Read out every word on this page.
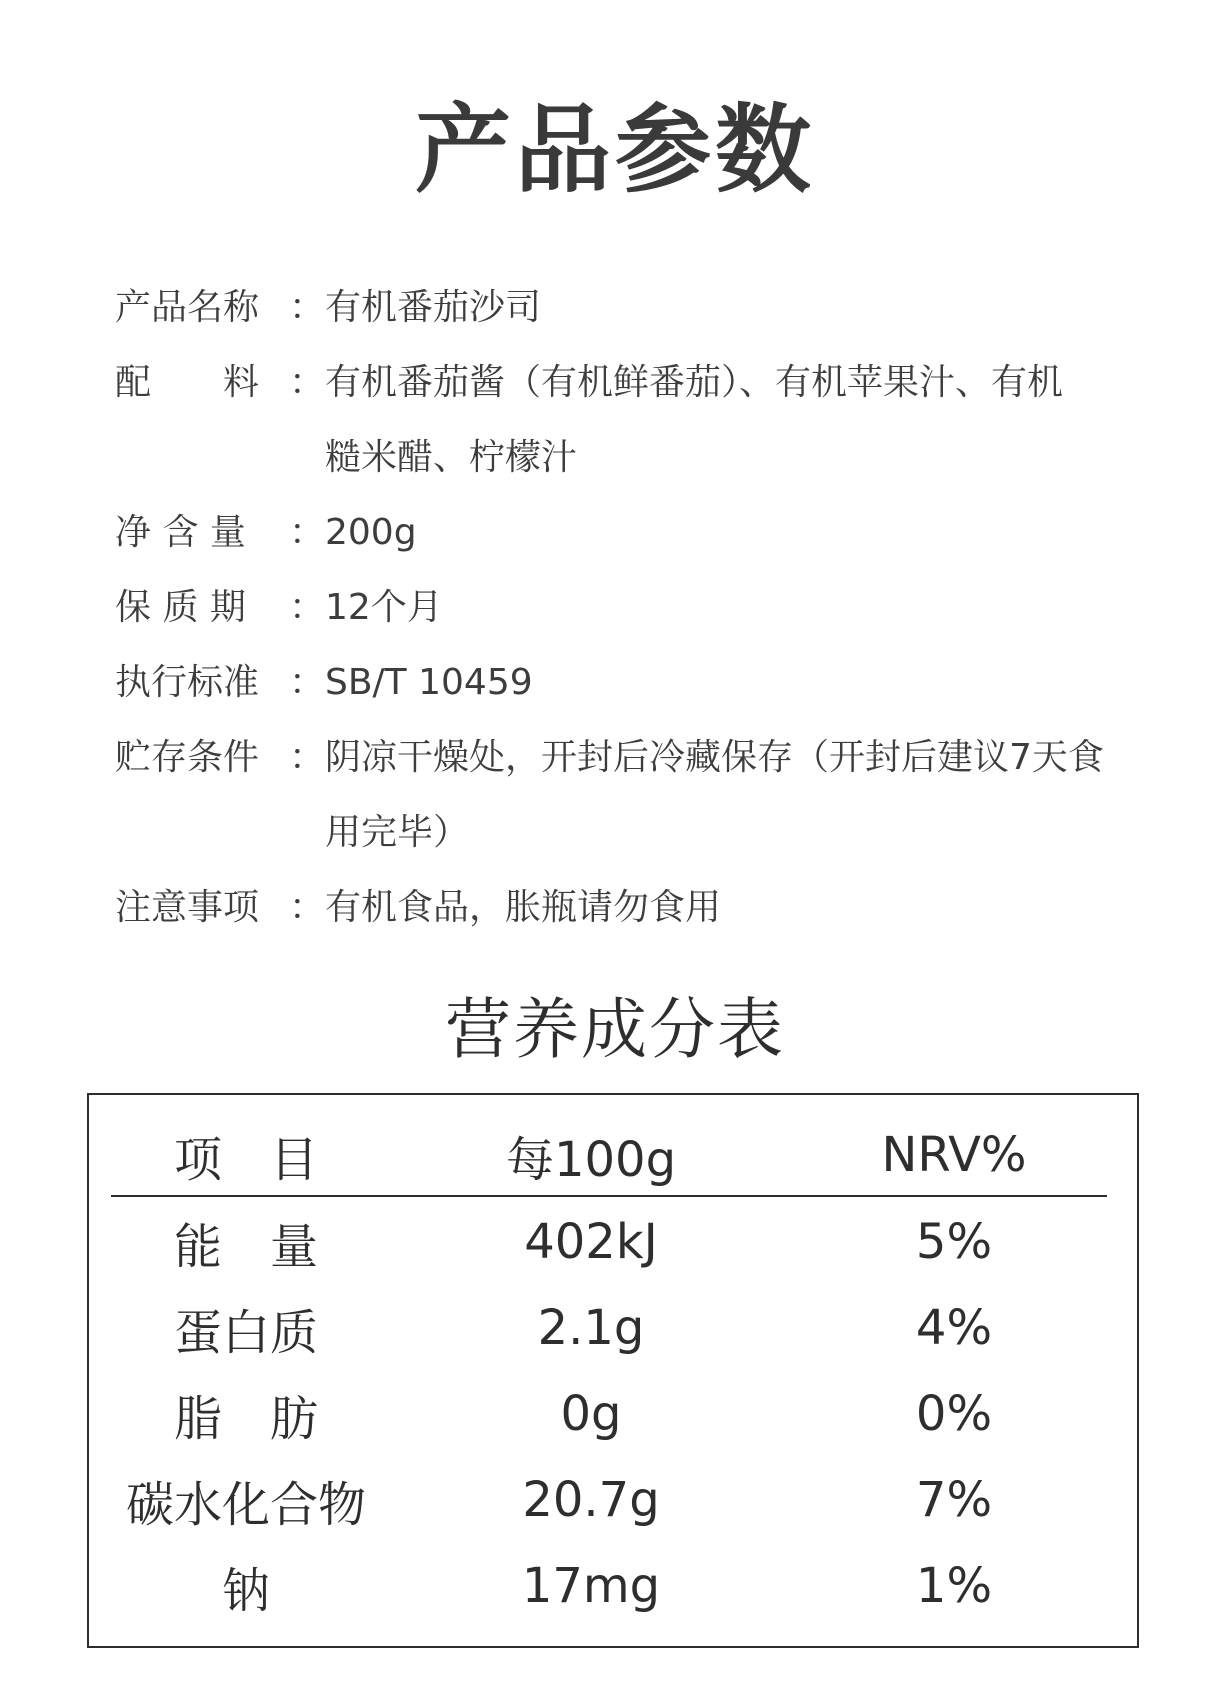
产品参数
产品名称 ： 有机番茄沙司
配　　料 ： 有机番茄酱（有机鲜番茄）、有机苹果汁、有机
糙米醋、柠檬汁
净 含 量 ： 200g
保 质 期 ： 12个月
执行标准 ： SB/T 10459
贮存条件 ： 阴凉干燥处，开封后冷藏保存（开封后建议7天食
用完毕）
注意事项 ： 有机食品，胀瓶请勿食用
营养成分表
项　目	每100g	NRV%
能　量	402kJ	5%
蛋白质	2.1g	4%
脂　肪	0g	0%
碳水化合物	20.7g	7%
钠	17mg	1%
